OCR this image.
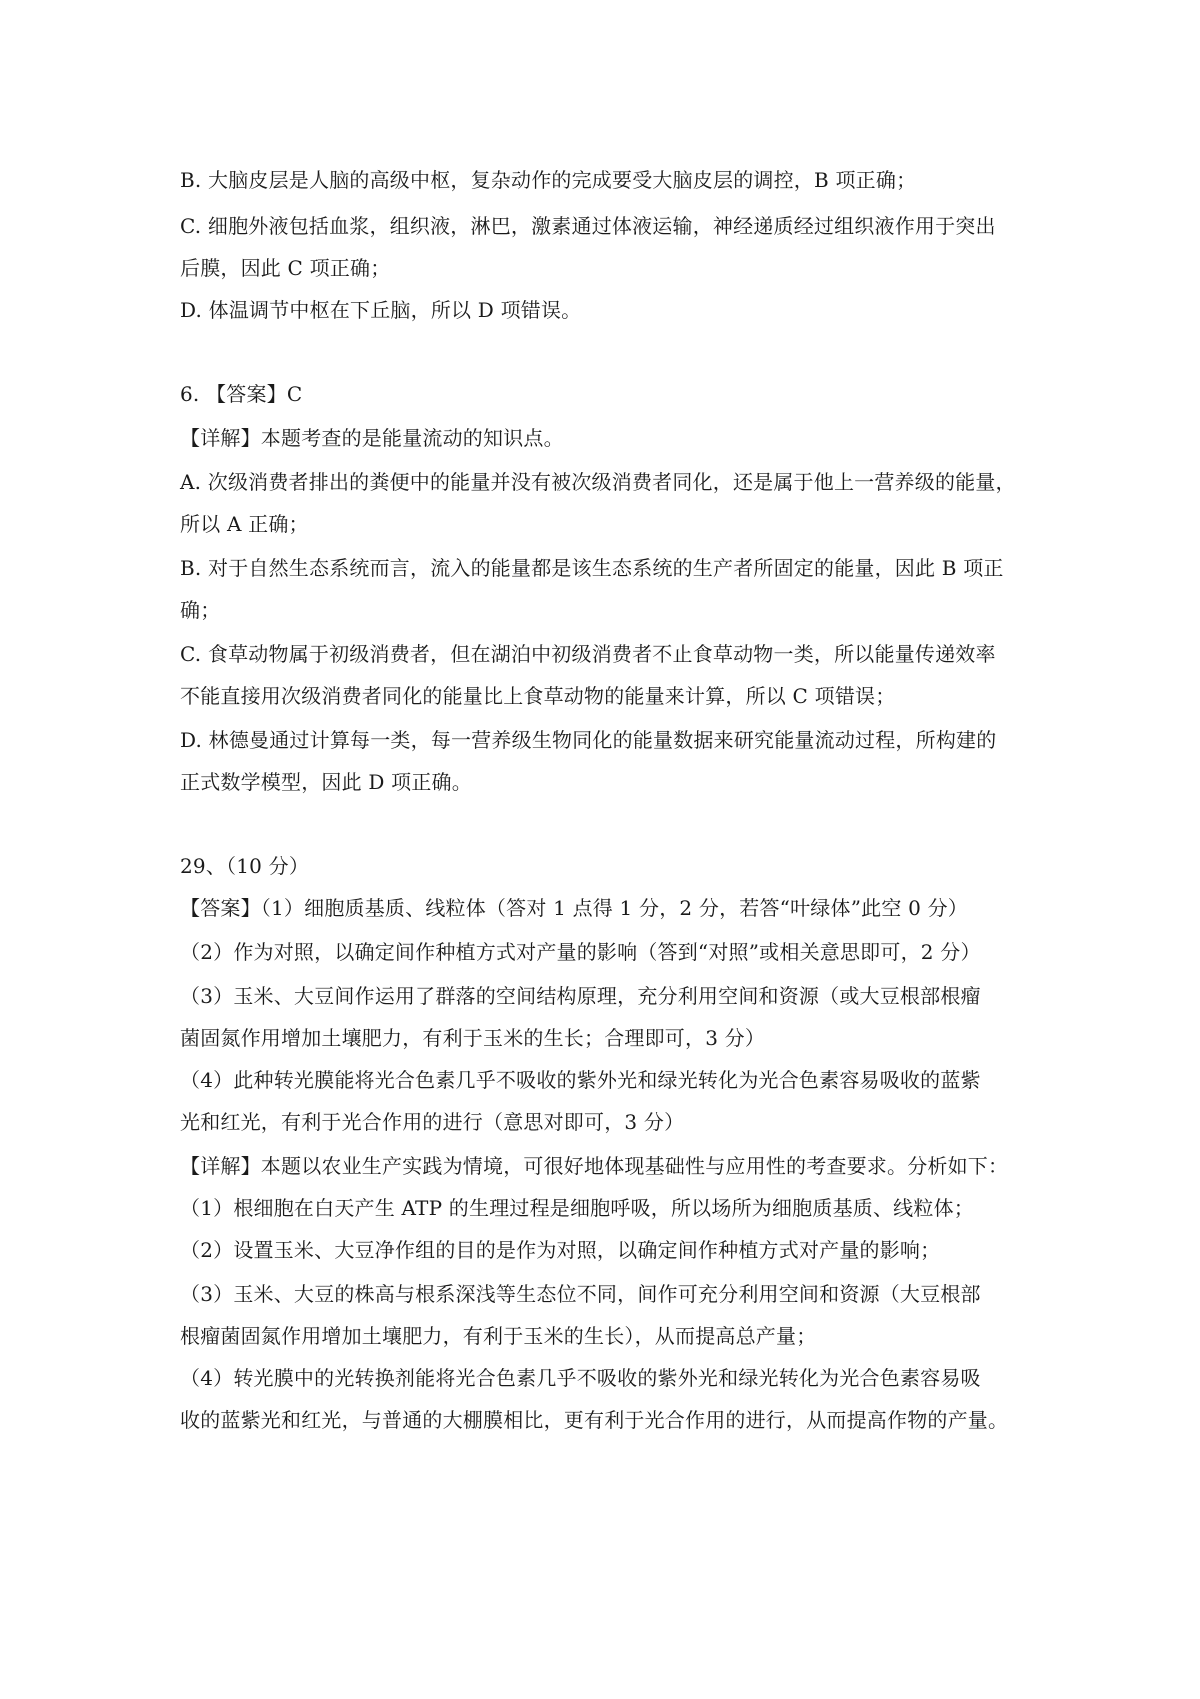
B. 大脑皮层是人脑的高级中枢，复杂动作的完成要受大脑皮层的调控，B 项正确；
C. 细胞外液包括血浆，组织液，淋巴，激素通过体液运输，神经递质经过组织液作用于突出
后膜，因此 C 项正确；
D. 体温调节中枢在下丘脑，所以 D 项错误。
6. 【答案】C
【详解】本题考查的是能量流动的知识点。
A. 次级消费者排出的粪便中的能量并没有被次级消费者同化，还是属于他上一营养级的能量，
所以 A 正确；
B. 对于自然生态系统而言，流入的能量都是该生态系统的生产者所固定的能量，因此 B 项正
确；
C. 食草动物属于初级消费者，但在湖泊中初级消费者不止食草动物一类，所以能量传递效率
不能直接用次级消费者同化的能量比上食草动物的能量来计算，所以 C 项错误；
D. 林德曼通过计算每一类，每一营养级生物同化的能量数据来研究能量流动过程，所构建的
正式数学模型，因此 D 项正确。
29、（10 分）
【答案】（1）细胞质基质、线粒体（答对 1 点得 1 分，2 分，若答“叶绿体”此空 0 分）
（2）作为对照，以确定间作种植方式对产量的影响（答到“对照”或相关意思即可，2 分）
（3）玉米、大豆间作运用了群落的空间结构原理，充分利用空间和资源（或大豆根部根瘤
菌固氮作用增加土壤肥力，有利于玉米的生长；合理即可，3 分）
（4）此种转光膜能将光合色素几乎不吸收的紫外光和绿光转化为光合色素容易吸收的蓝紫
光和红光，有利于光合作用的进行（意思对即可，3 分）
【详解】本题以农业生产实践为情境，可很好地体现基础性与应用性的考查要求。分析如下：
（1）根细胞在白天产生 ATP 的生理过程是细胞呼吸，所以场所为细胞质基质、线粒体；
（2）设置玉米、大豆净作组的目的是作为对照，以确定间作种植方式对产量的影响；
（3）玉米、大豆的株高与根系深浅等生态位不同，间作可充分利用空间和资源（大豆根部
根瘤菌固氮作用增加土壤肥力，有利于玉米的生长），从而提高总产量；
（4）转光膜中的光转换剂能将光合色素几乎不吸收的紫外光和绿光转化为光合色素容易吸
收的蓝紫光和红光，与普通的大棚膜相比，更有利于光合作用的进行，从而提高作物的产量。
